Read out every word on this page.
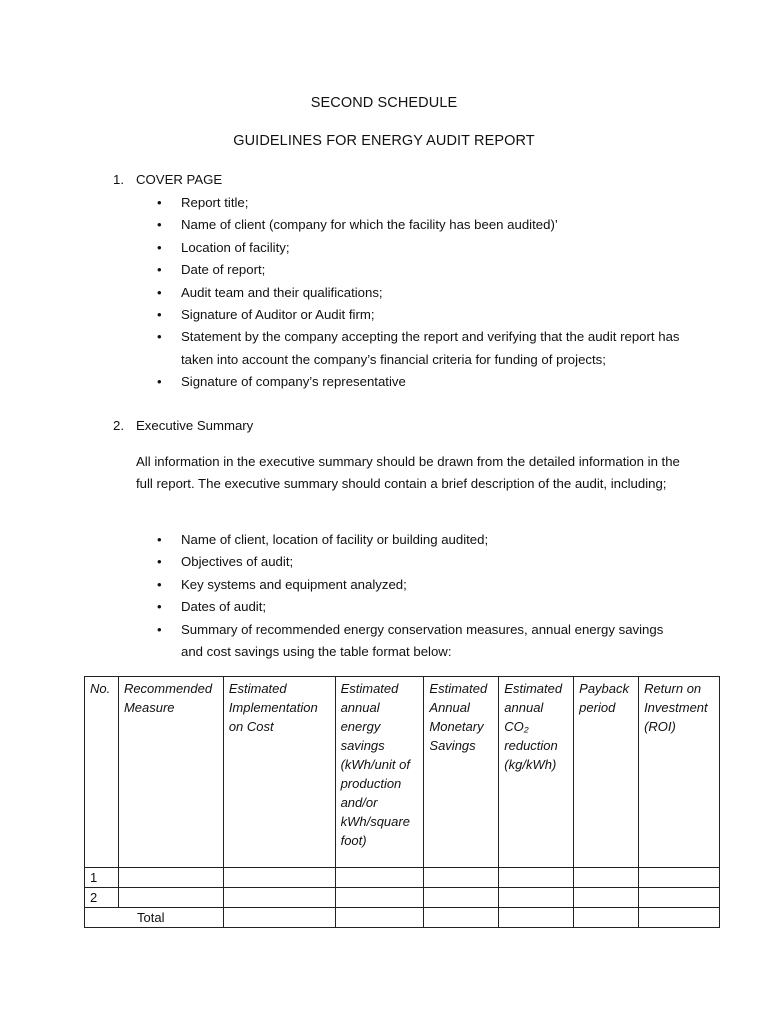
SECOND SCHEDULE
GUIDELINES FOR ENERGY AUDIT REPORT
1. COVER PAGE
• Report title;
• Name of client (company for which the facility has been audited)’
• Location of facility;
• Date of report;
• Audit team and their qualifications;
• Signature of Auditor or Audit firm;
• Statement by the company accepting the report and verifying that the audit report has taken into account the company’s financial criteria for funding of projects;
• Signature of company’s representative
2. Executive Summary
All information in the executive summary should be drawn from the detailed information in the full report. The executive summary should contain a brief description of the audit, including;
• Name of client, location of facility or building audited;
• Objectives of audit;
• Key systems and equipment analyzed;
• Dates of audit;
• Summary of recommended energy conservation measures, annual energy savings and cost savings using the table format below:
No.	Recommended Measure	Estimated Implementation on Cost	Estimated annual energy savings (kWh/unit of production and/or kWh/square foot)	Estimated Annual Monetary Savings	Estimated annual CO₂ reduction (kg/kWh)	Payback period	Return on Investment (ROI)
1							
2							
Total							
